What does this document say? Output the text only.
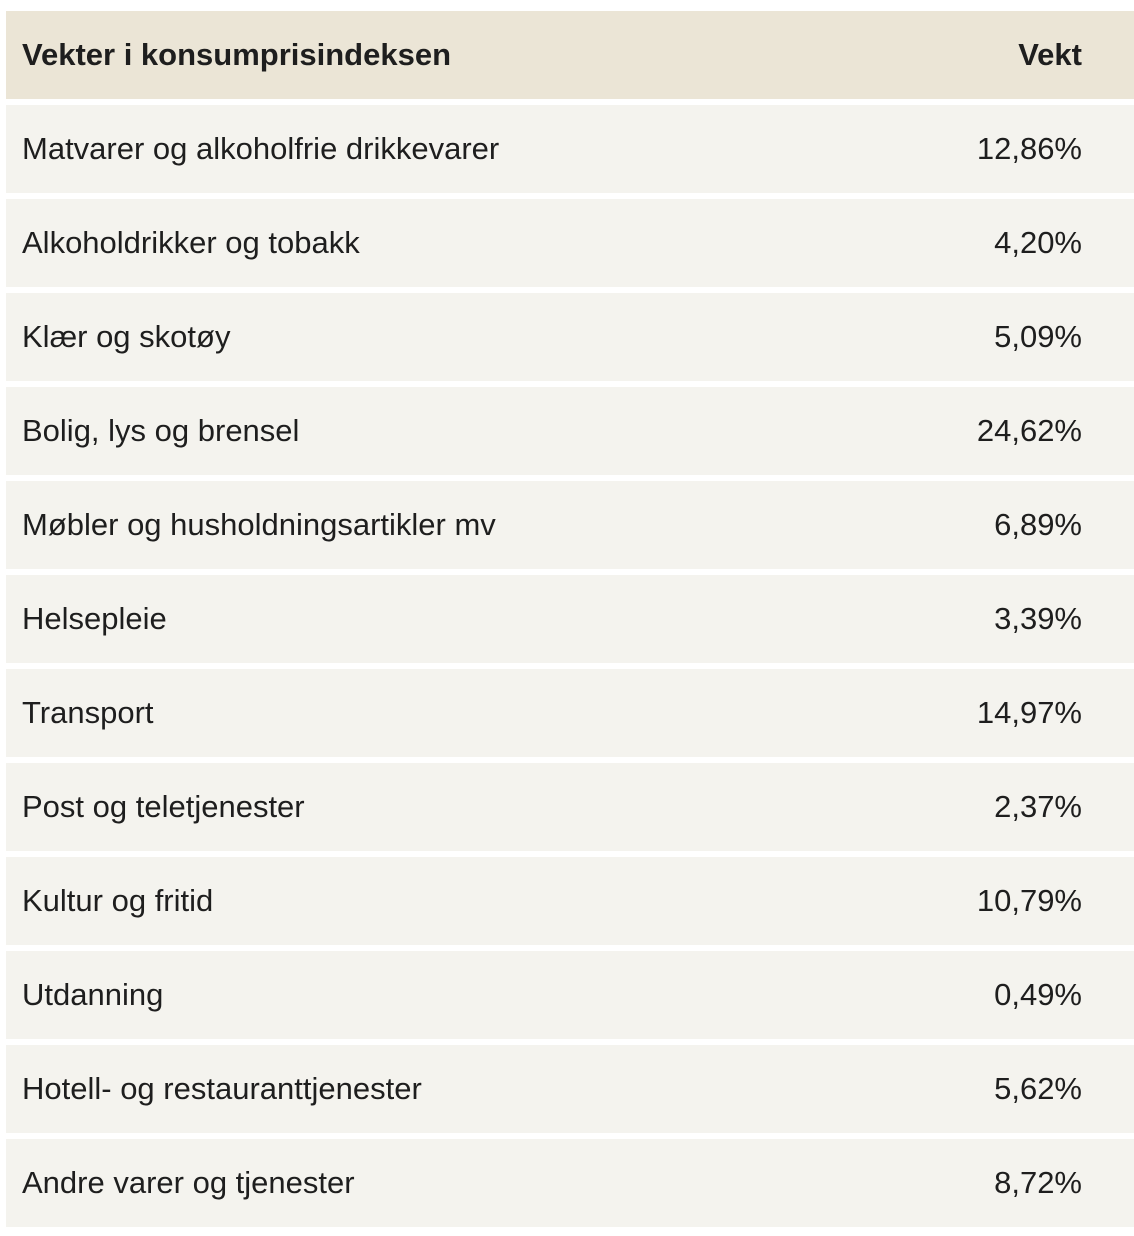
Vekter i konsumprisindeksen	Vekt
Matvarer og alkoholfrie drikkevarer	12,86%
Alkoholdrikker og tobakk	4,20%
Klær og skotøy	5,09%
Bolig, lys og brensel	24,62%
Møbler og husholdningsartikler mv	6,89%
Helsepleie	3,39%
Transport	14,97%
Post og teletjenester	2,37%
Kultur og fritid	10,79%
Utdanning	0,49%
Hotell- og restauranttjenester	5,62%
Andre varer og tjenester	8,72%
